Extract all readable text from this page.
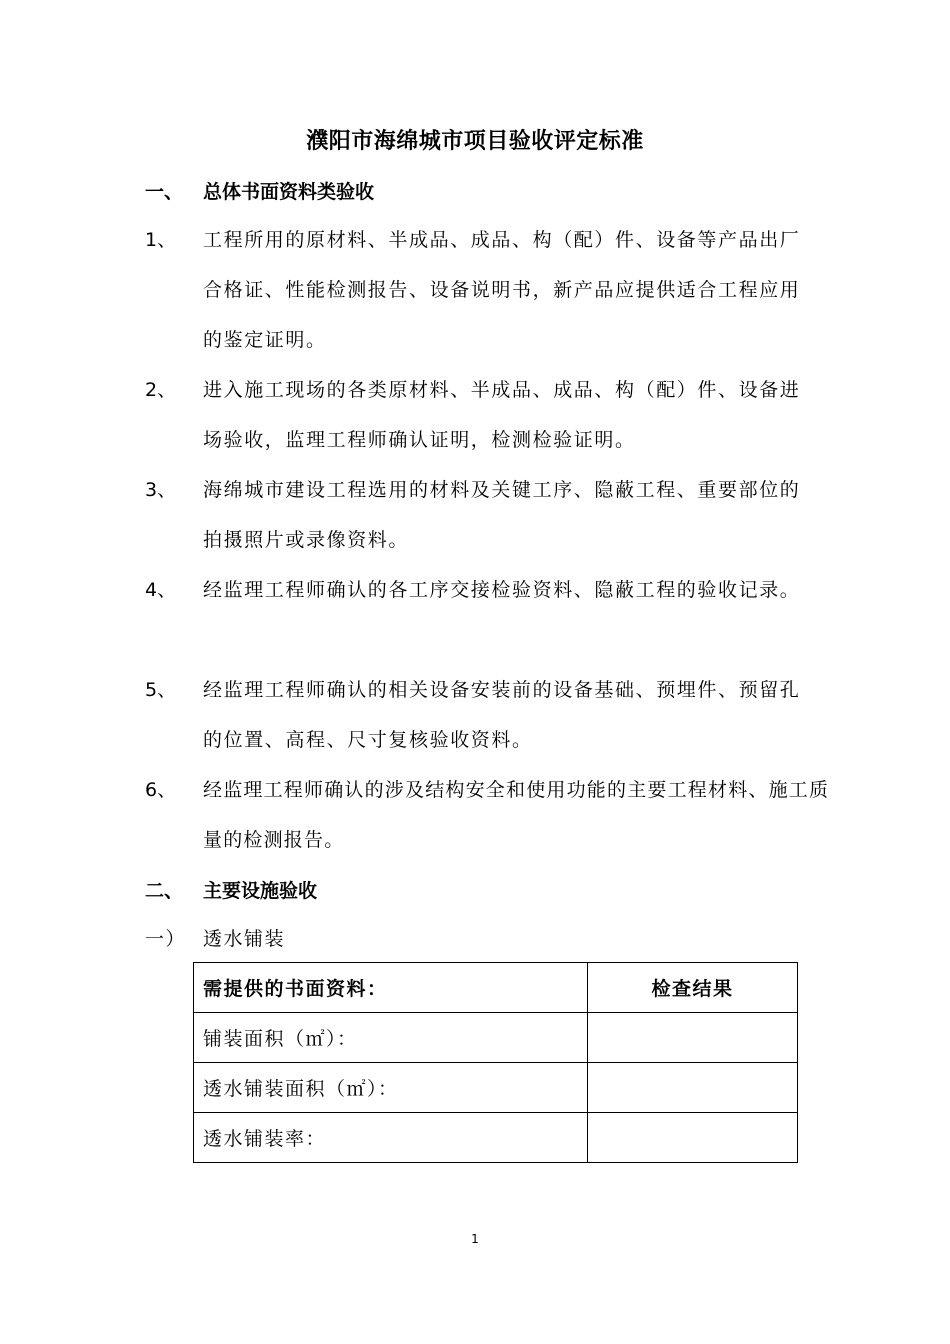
濮阳市海绵城市项目验收评定标准
一、 总体书面资料类验收
1、 工程所用的原材料、半成品、成品、构（配）件、设备等产品出厂合格证、性能检测报告、设备说明书，新产品应提供适合工程应用的鉴定证明。
2、 进入施工现场的各类原材料、半成品、成品、构（配）件、设备进场验收，监理工程师确认证明，检测检验证明。
3、 海绵城市建设工程选用的材料及关键工序、隐蔽工程、重要部位的拍摄照片或录像资料。
4、 经监理工程师确认的各工序交接检验资料、隐蔽工程的验收记录。
5、 经监理工程师确认的相关设备安装前的设备基础、预埋件、预留孔的位置、高程、尺寸复核验收资料。
6、 经监理工程师确认的涉及结构安全和使用功能的主要工程材料、施工质量的检测报告。
二、 主要设施验收
一） 透水铺装
需提供的书面资料：	检查结果
铺装面积（㎡）：	
透水铺装面积（㎡）：	
透水铺装率：	
1
